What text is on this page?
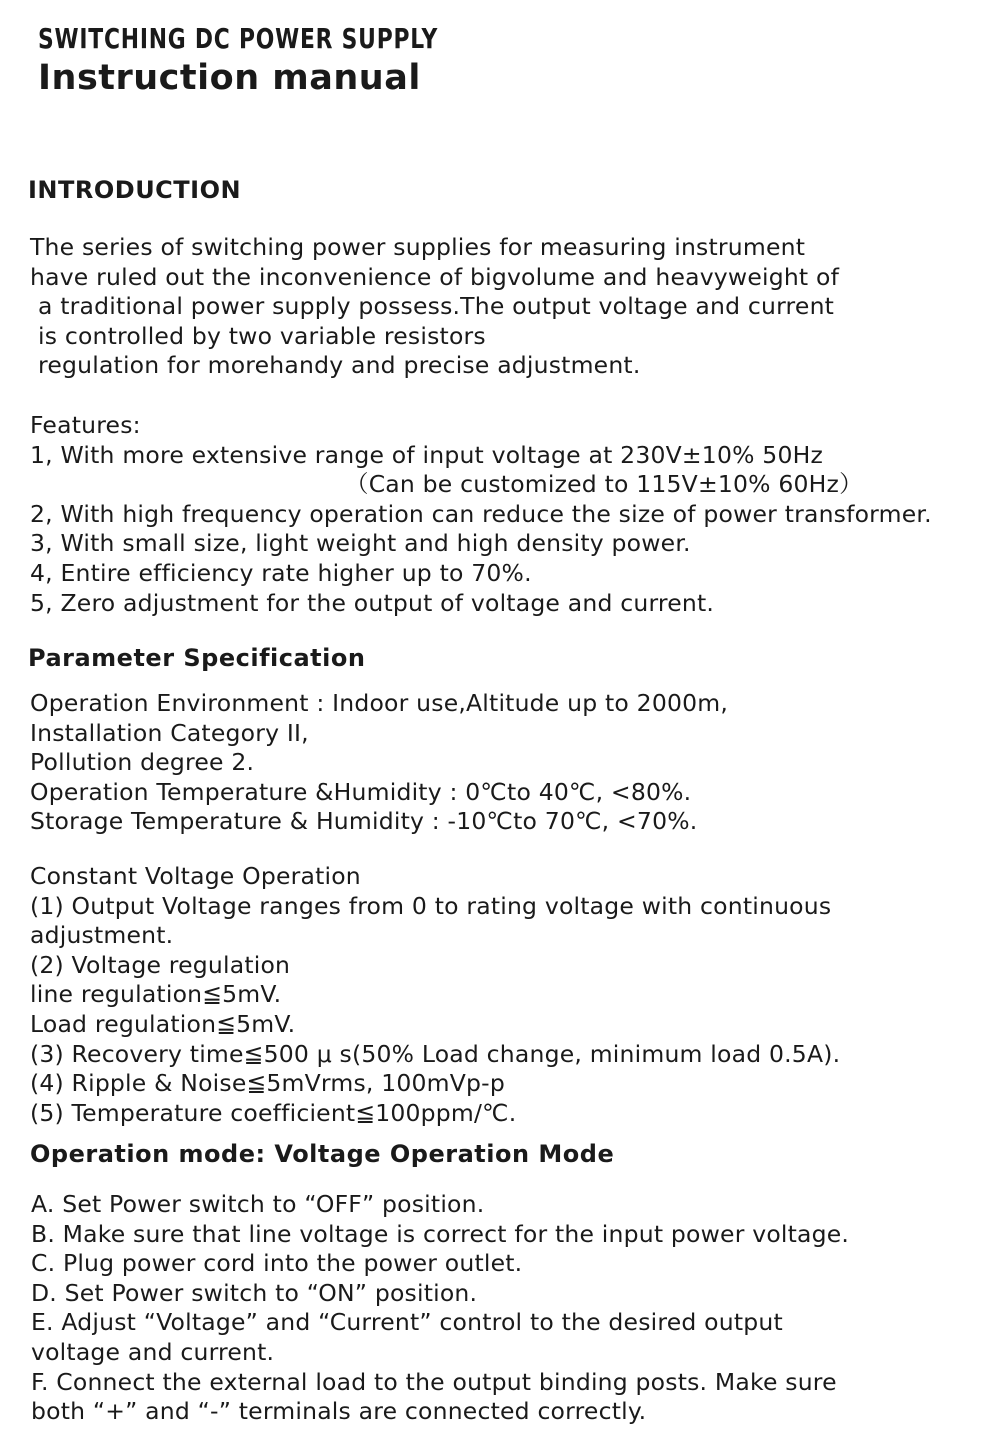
SWITCHING DC POWER SUPPLY
Instruction manual
INTRODUCTION
The series of switching power supplies for measuring instrument
have ruled out the inconvenience of bigvolume and heavyweight of
a traditional power supply possess.The output voltage and current
is controlled by two variable resistors
regulation for morehandy and precise adjustment.
Features:
1, With more extensive range of input voltage at 230V±10% 50Hz
（Can be customized to 115V±10% 60Hz）
2, With high frequency operation can reduce the size of power transformer.
3, With small size, light weight and high density power.
4, Entire efficiency rate higher up to 70%.
5, Zero adjustment for the output of voltage and current.
Parameter Specification
Operation Environment : Indoor use,Altitude up to 2000m,
Installation Category II,
Pollution degree 2.
Operation Temperature &Humidity : 0℃to 40℃, <80%.
Storage Temperature & Humidity : -10℃to 70℃, <70%.
Constant Voltage Operation
(1) Output Voltage ranges from 0 to rating voltage with continuous
adjustment.
(2) Voltage regulation
line regulation≦5mV.
Load regulation≦5mV.
(3) Recovery time≦500 μ s(50% Load change, minimum load 0.5A).
(4) Ripple & Noise≦5mVrms, 100mVp-p
(5) Temperature coefficient≦100ppm/℃.
Operation mode: Voltage Operation Mode
A. Set Power switch to “OFF” position.
B. Make sure that line voltage is correct for the input power voltage.
C. Plug power cord into the power outlet.
D. Set Power switch to “ON” position.
E. Adjust “Voltage” and “Current” control to the desired output
voltage and current.
F. Connect the external load to the output binding posts. Make sure
both “+” and “-” terminals are connected correctly.
